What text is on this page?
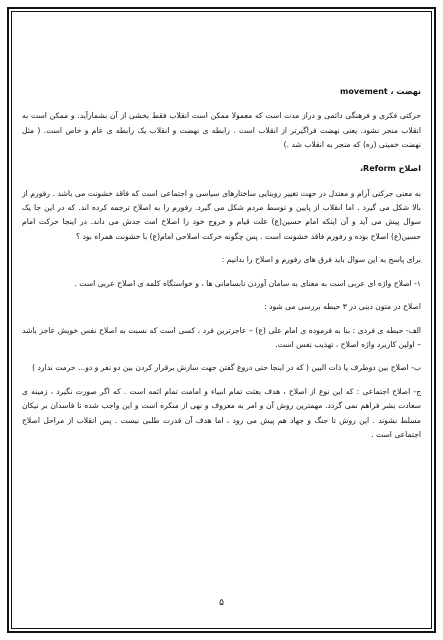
نهضت ، movement
حرکتی فکری و فرهنگی دائمی و دراز مدت است که معمولا ممکن است انقلاب فقط بخشی از آن بشمارآید. و ممکن است به انقلاب منجر نشود. یعنی نهضت فراگیرتر از انقلاب است . رابطه ی نهضت و انقلاب یک رابطه ی عام و خاص است. ( مثل نهضت خمینی (ره) که منجر به انقلاب شد .)
اصلاح Reform،
به معنی حرکتی آرام و معتدل در جهت تغییر روبنایی ساختارهای سیاسی و اجتماعی است که فاقد خشونت می باشد . رفورم از بالا شکل می گیرد . اما انقلاب از پایین و توسط مردم شکل می گیرد. رفورم را به اصلاح ترجمه کرده اند. که در این جا یک سوال پیش می آید و آن اینکه امام حسین(ع) علت قیام و خروج خود را اصلاح امت جدش می داند. در اینجا حرکت امام حسین(ع) اصلاح بوده و رفورم فاقد خشونت است . پس چگونه حرکت اصلاحی امام(ع) با خشونت همراه بود ؟
برای پاسخ به این سوال باید فرق های رفورم و اصلاح را بدانیم :
۱- اصلاح واژه ای عربی است به معنای به سامان آوردن نابسامانی ها ، و خواستگاه کلمه ی اصلاح عربی است .
اصلاح در متون دینی در ۳ حیطه بررسی می شود :
الف- حیطه ی فردی : بنا به فرموده ی امام علی (ع) – عاجزترین فرد ، کسی است که نسبت به اصلاح نفس خویش عاجز باشد – اولین کاربرد واژه اصلاح ، تهذیب نفس است.
ب- اصلاح بین دوطرف یا ذات البین ( که در اینجا حتی دروغ گفتن جهت سازش برقرار کردن بین دو نفر و دو... حرمت ندارد )
ج- اصلاح اجتماعی : که این نوع از اصلاح ، هدف بعثت تمام انبیاء و امامت تمام ائمه است . که اگر صورت نگیرد ، زمینه ی سعادت بشر فراهم نمی گردد. مهمترین روش آن و امر به معروف و نهی از منکره است و این واجب شده تا فاسدان بر نیکان مسلط نشوند . این روش تا جنگ و جهاد هم پیش می رود ، اما هدف آن قدرت طلبی نیست . پس انقلاب از مراحل اصلاح اجتماعی است .
۵
